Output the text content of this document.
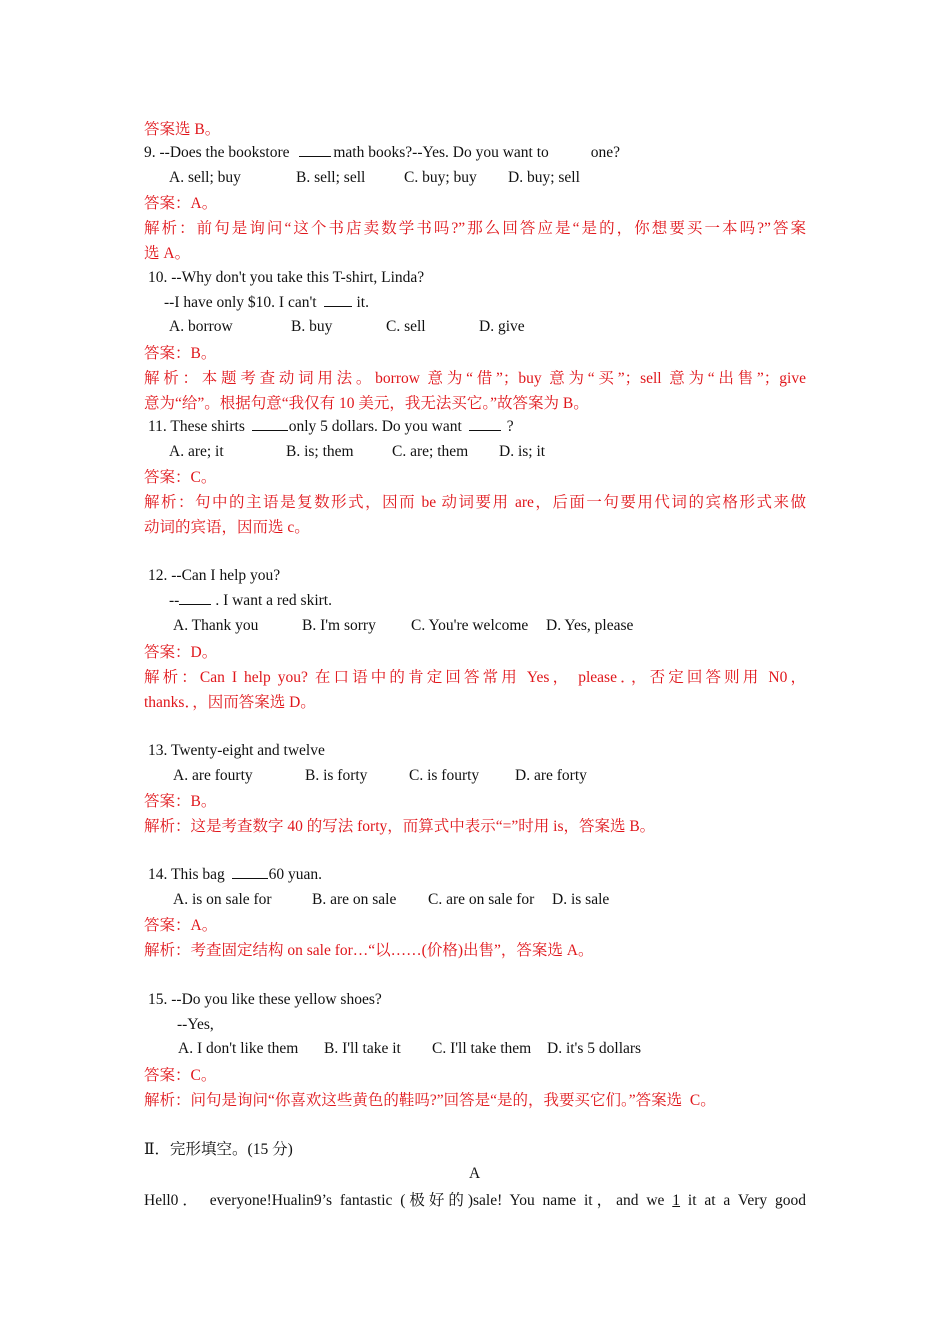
答案选 B。
9. --Does the bookstore	math books?--Yes. Do you want to	one?
A. sell; buy	B. sell; sell C. buy; buy D. buy; sell
答案：A。
解析：前句是询问“这个书店卖数学书吗?”那么回答应是“是的，你想要买一本吗?”答案
选 A。
10. --Why don't you take this T-shirt, Linda?
--I have only $10. I can't	it.
A. borrow	B. buy	C. sell	D. give
答案：B。
解析：本题考查动词用法。borrow 意为“借”；buy 意为“买”；sell 意为“出售”；give
意为“给”。根据句意“我仅有 10 美元，我无法买它。”故答案为 B。
11. These shirts	only 5 dollars. Do you want	?
A. are; it	B. is; them C. are; them D. is; it
答案：C。
解析：句中的主语是复数形式，因而 be 动词要用 are，后面一句要用代词的宾格形式来做
动词的宾语，因而选 c。
12. --Can I help you?
-- . I want a red skirt.
A. Thank you	B. I'm sorry C. You're welcome D. Yes, please
答案：D。
解析：Can I help you? 在口语中的肯定回答常用 Yes， please．，否定回答则用 N0，
thanks．，因而答案选 D。
13. Twenty-eight and twelve
A. are fourty	B. is forty	C. is fourty D. are forty
答案：B。
解析：这是考查数字 40 的写法 forty，而算式中表示“=”时用 is，答案选 B。
14. This bag	60 yuan.
A. is on sale for	B. are on sale C. are on sale for D. is sale
答案：A。
解析：考查固定结构 on sale for…“以……(价格)出售”，答案选 A。
15. --Do you like these yellow shoes?
--Yes,
A. I don't like them B. I'll take it C. I'll take them D. it's 5 dollars
答案：C。
解析：问句是询问“你喜欢这些黄色的鞋吗?”回答是“是的，我要买它们。”答案选  C。
Ⅱ．完形填空。(15 分)
A
Hell0． everyone!Hualin9’s fantastic (极好的)sale! You name it，and we 1 it at a Very good
